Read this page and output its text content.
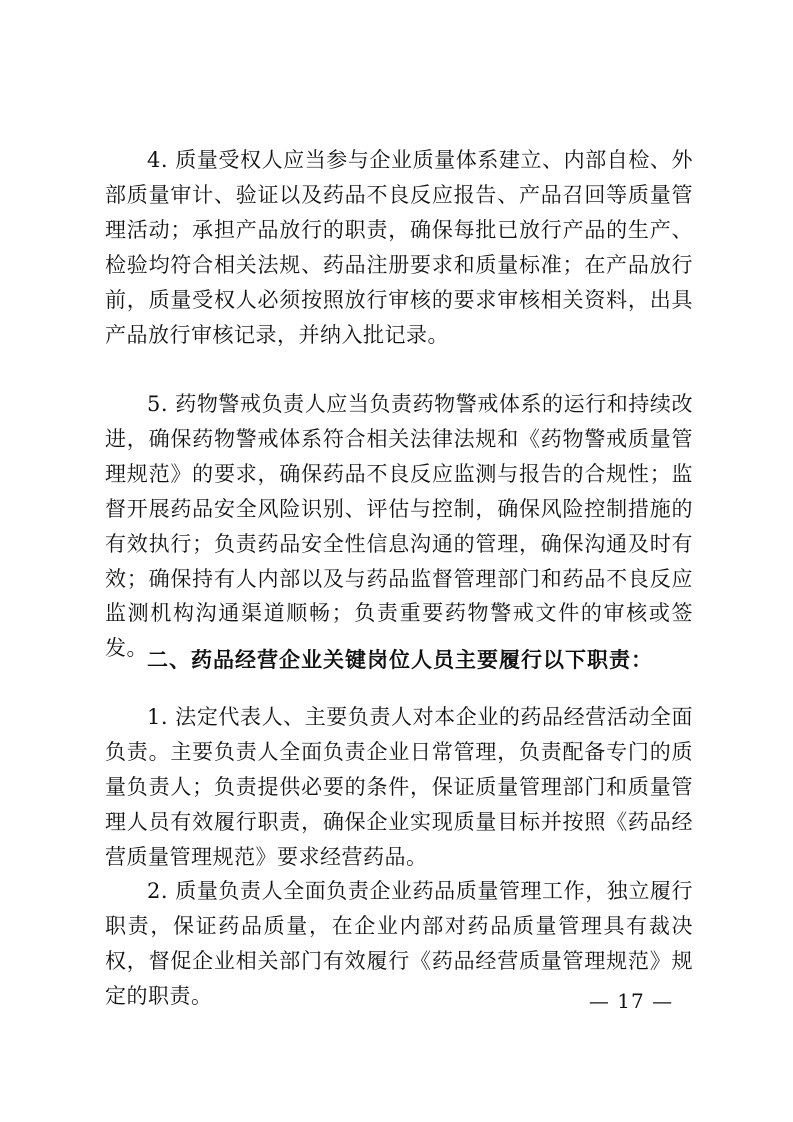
4. 质量受权人应当参与企业质量体系建立、内部自检、外部质量审计、验证以及药品不良反应报告、产品召回等质量管理活动；承担产品放行的职责，确保每批已放行产品的生产、检验均符合相关法规、药品注册要求和质量标准；在产品放行前，质量受权人必须按照放行审核的要求审核相关资料，出具产品放行审核记录，并纳入批记录。

5. 药物警戒负责人应当负责药物警戒体系的运行和持续改进，确保药物警戒体系符合相关法律法规和《药物警戒质量管理规范》的要求，确保药品不良反应监测与报告的合规性；监督开展药品安全风险识别、评估与控制，确保风险控制措施的有效执行；负责药品安全性信息沟通的管理，确保沟通及时有效；确保持有人内部以及与药品监督管理部门和药品不良反应监测机构沟通渠道顺畅；负责重要药物警戒文件的审核或签发。 二、药品经营企业关键岗位人员主要履行以下职责：

1. 法定代表人、主要负责人对本企业的药品经营活动全面负责。主要负责人全面负责企业日常管理，负责配备专门的质量负责人；负责提供必要的条件，保证质量管理部门和质量管理人员有效履行职责，确保企业实现质量目标并按照《药品经营质量管理规范》要求经营药品。

2. 质量负责人全面负责企业药品质量管理工作，独立履行职责，保证药品质量，在企业内部对药品质量管理具有裁决权，督促企业相关部门有效履行《药品经营质量管理规范》规定的职责。	— 17 —
